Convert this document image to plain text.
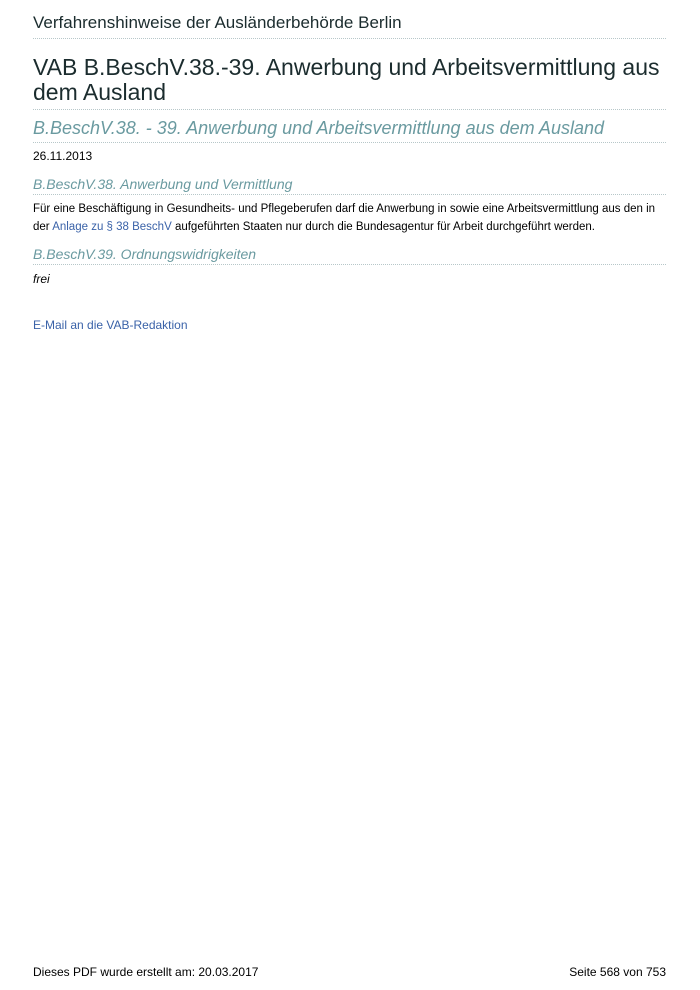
Verfahrenshinweise der Ausländerbehörde Berlin
VAB B.BeschV.38.-39. Anwerbung und Arbeitsvermittlung aus dem Ausland
B.BeschV.38. - 39. Anwerbung und Arbeitsvermittlung aus dem Ausland
26.11.2013
B.BeschV.38. Anwerbung und Vermittlung
Für eine Beschäftigung in Gesundheits- und Pflegeberufen darf die Anwerbung in sowie eine Arbeitsvermittlung aus den in
der Anlage zu § 38 BeschV aufgeführten Staaten nur durch die Bundesagentur für Arbeit durchgeführt werden.
B.BeschV.39. Ordnungswidrigkeiten
frei
E-Mail an die VAB-Redaktion
Dieses PDF wurde erstellt am: 20.03.2017	Seite 568 von 753
